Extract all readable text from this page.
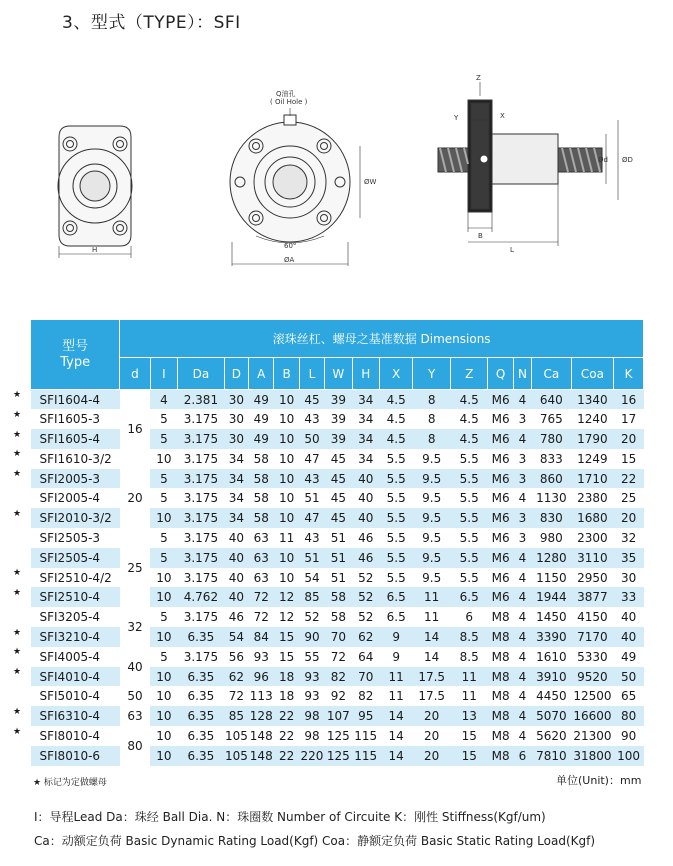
3、型式（TYPE）：SFI
H
Q油孔
( Oil Hole )
60°
ØA
ØW
Z
Y	X
Ød ØD
B
L
型号
Type	滚珠丝杠、螺母之基准数据 Dimensions																
	d	I	Da	D	A	B	L	W	H	X	Y	Z	Q	N	Ca	Coa	K
SFI1604-4	16	4	2.381	30	49	10	45	39	34	4.5	8	4.5	M6	4	640	1340	16
SFI1605-3		5	3.175	30	49	10	43	39	34	4.5	8	4.5	M6	3	765	1240	17
SFI1605-4		5	3.175	30	49	10	50	39	34	4.5	8	4.5	M6	4	780	1790	20
SFI1610-3/2		10	3.175	34	58	10	47	45	34	5.5	9.5	5.5	M6	3	833	1249	15
SFI2005-3	20	5	3.175	34	58	10	43	45	40	5.5	9.5	5.5	M6	3	860	1710	22
SFI2005-4		5	3.175	34	58	10	51	45	40	5.5	9.5	5.5	M6	4	1130	2380	25
SFI2010-3/2		10	3.175	34	58	10	47	45	40	5.5	9.5	5.5	M6	3	830	1680	20
SFI2505-3	25	5	3.175	40	63	11	43	51	46	5.5	9.5	5.5	M6	3	980	2300	32
SFI2505-4		5	3.175	40	63	10	51	51	46	5.5	9.5	5.5	M6	4	1280	3110	35
SFI2510-4/2		10	3.175	40	63	10	54	51	52	5.5	9.5	5.5	M6	4	1150	2950	30
SFI2510-4		10	4.762	40	72	12	85	58	52	6.5	11	6.5	M6	4	1944	3877	33
SFI3205-4	32	5	3.175	46	72	12	52	58	52	6.5	11	6	M8	4	1450	4150	40
SFI3210-4		10	6.35	54	84	15	90	70	62	9	14	8.5	M8	4	3390	7170	40
SFI4005-4	40	5	3.175	56	93	15	55	72	64	9	14	8.5	M8	4	1610	5330	49
SFI4010-4		10	6.35	62	96	18	93	82	70	11	17.5	11	M8	4	3910	9520	50
SFI5010-4	50	10	6.35	72	113	18	93	92	82	11	17.5	11	M8	4	4450	12500	65
SFI6310-4	63	10	6.35	85	128	22	98	107	95	14	20	13	M8	4	5070	16600	80
SFI8010-4	80	10	6.35	105	148	22	98	125	115	14	20	15	M8	4	5620	21300	90
SFI8010-6		10	6.35	105	148	22	220	125	115	14	20	15	M8	6	7810	31800	100
★
★
★
★
★
★
★
★
★
★
★
★
★
★ 标记为定做螺母	单位(Unit)：mm
I：导程Lead Da：珠经 Ball Dia. N：珠圈数 Number of Circuite K：刚性 Stiffness(Kgf/um)
Ca：动额定负荷 Basic Dynamic Rating Load(Kgf) Coa：静额定负荷 Basic Static Rating Load(Kgf)
